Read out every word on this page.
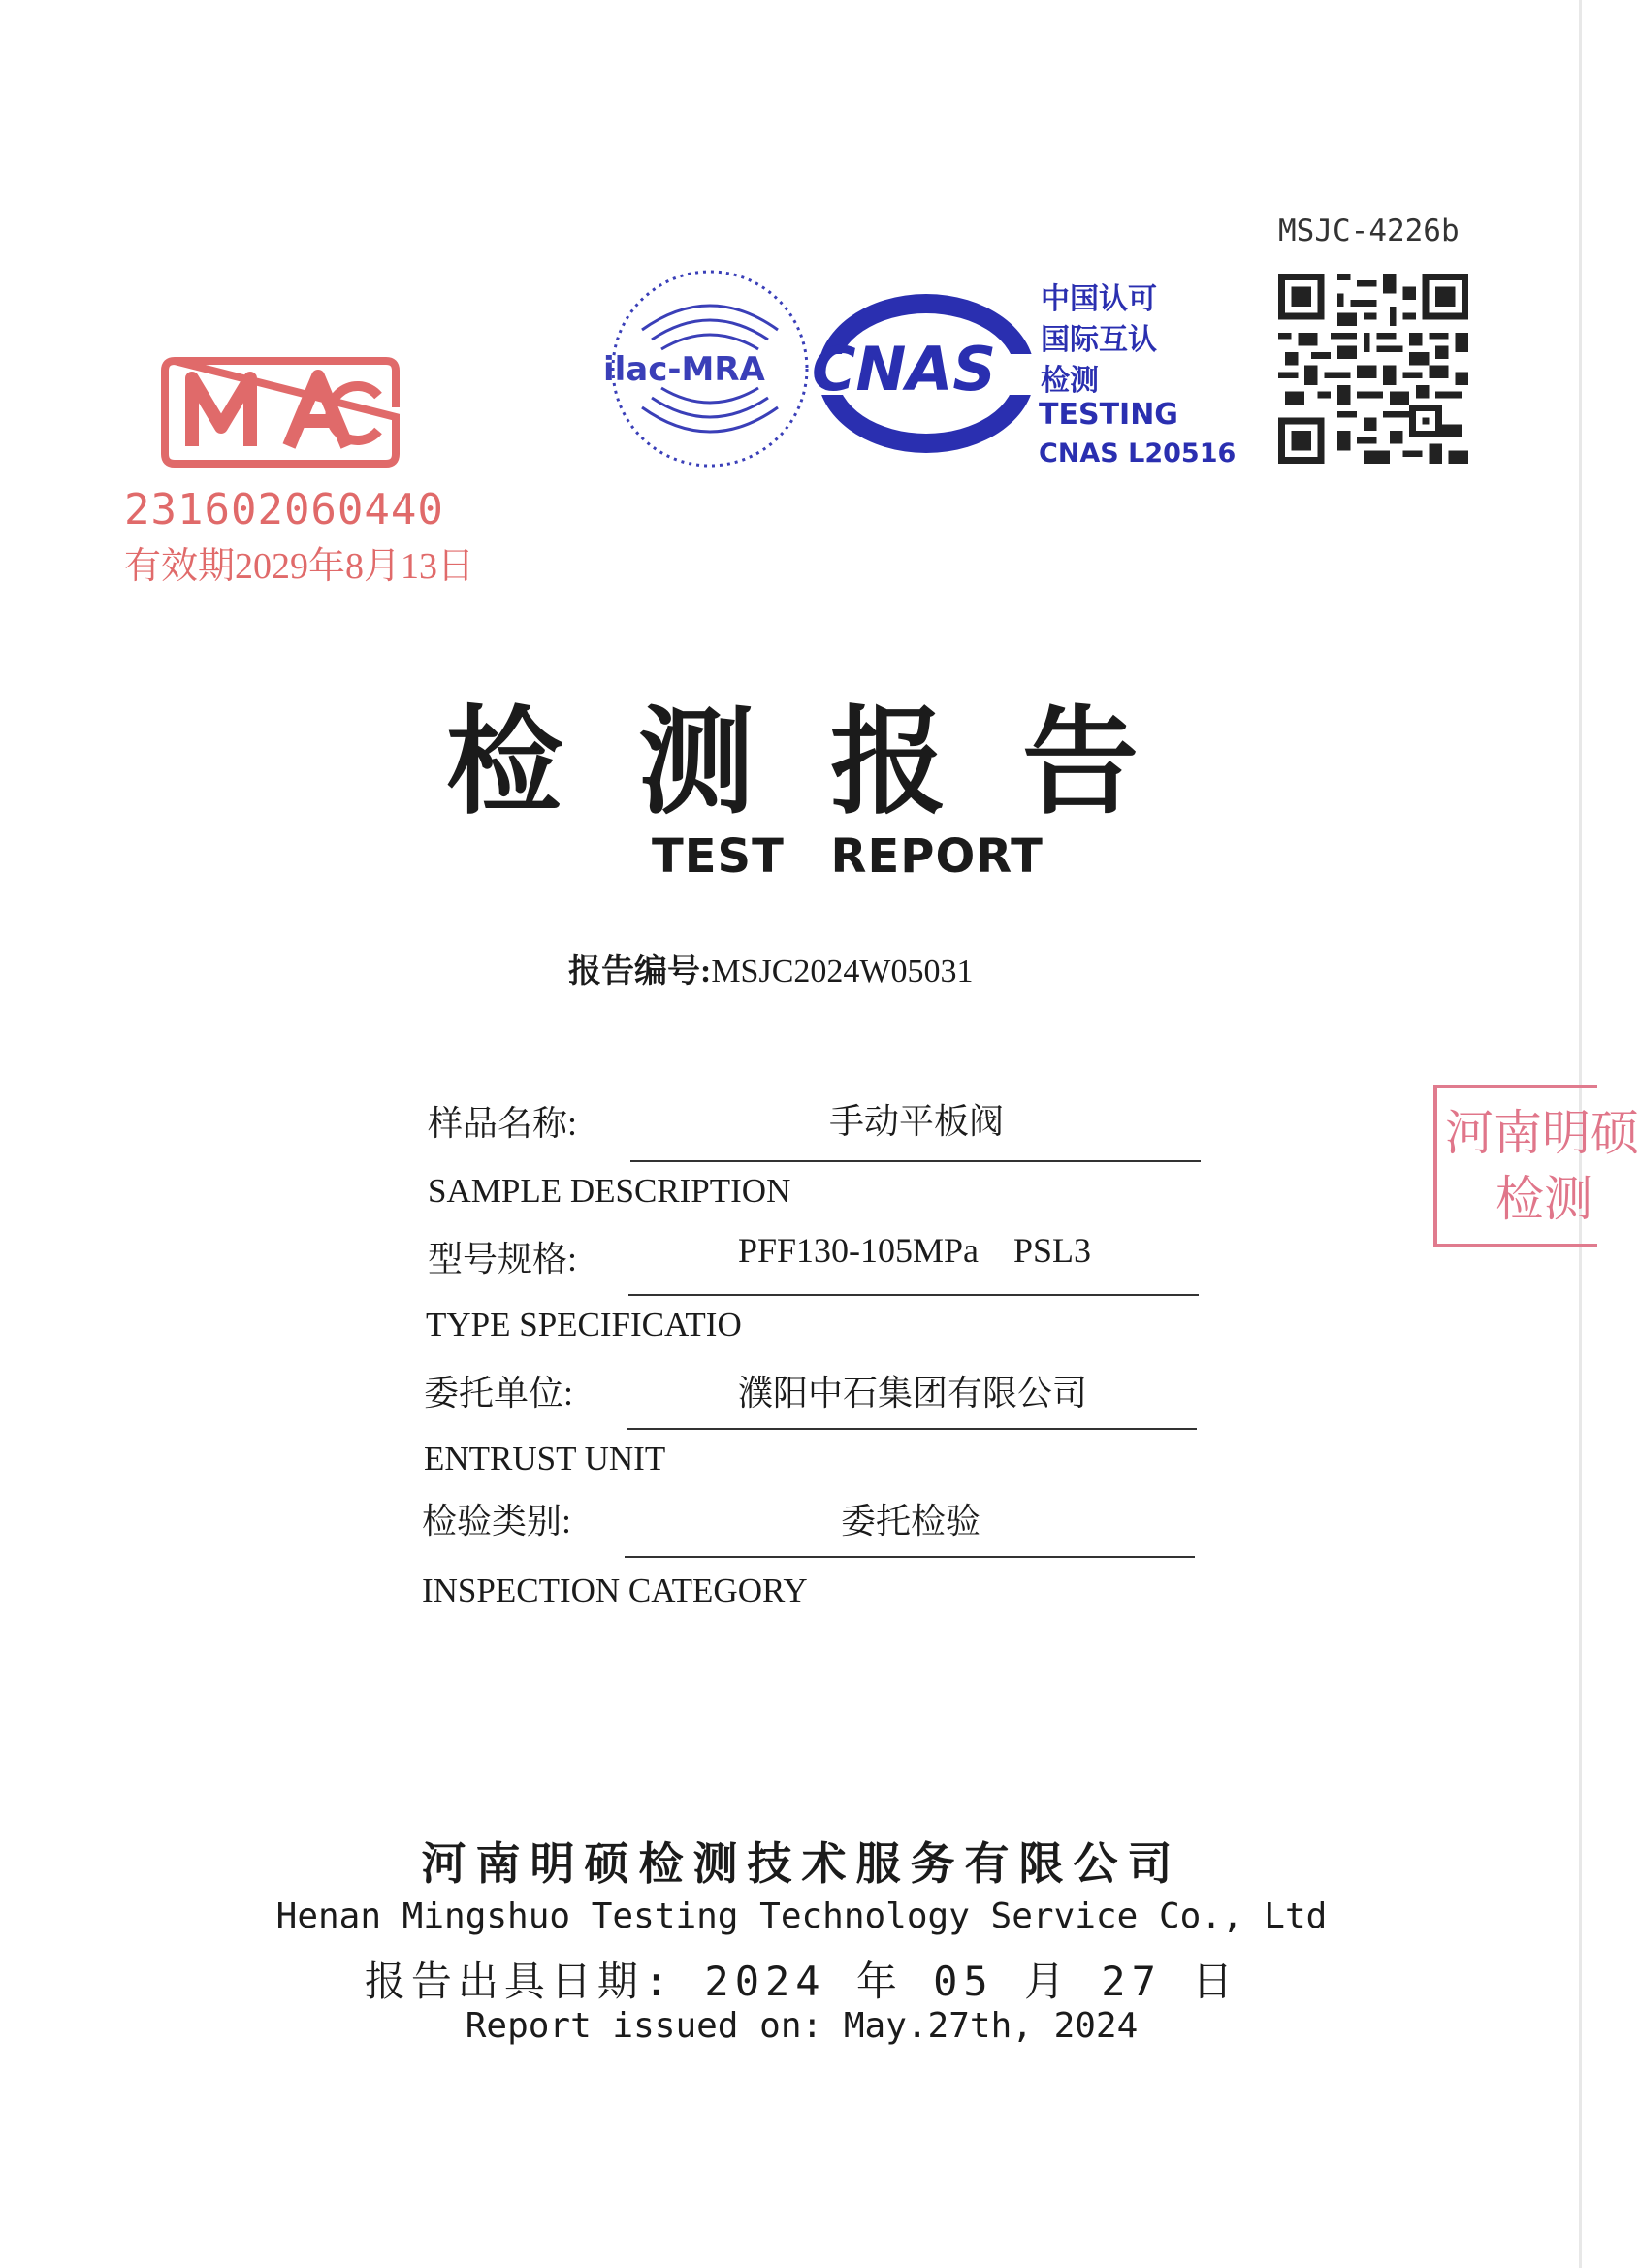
231602060440
有效期2029年8月13日
ilac-MRA CNAS
中国认可
国际互认
检测
TESTING
CNAS L20516
MSJC-4226b
检测报告
TEST REPORT
报告编号:MSJC2024W05031
样品名称:	手动平板阀
SAMPLE DESCRIPTION
型号规格:	PFF130-105MPa    PSL3
TYPE SPECIFICATIO
委托单位:	濮阳中石集团有限公司
ENTRUST UNIT
检验类别:	委托检验
INSPECTION CATEGORY
河南明硕
检测
河南明硕检测技术服务有限公司
Henan Mingshuo Testing Technology Service Co., Ltd
报告出具日期: 2024 年 05 月 27 日
Report issued on: May.27th, 2024
